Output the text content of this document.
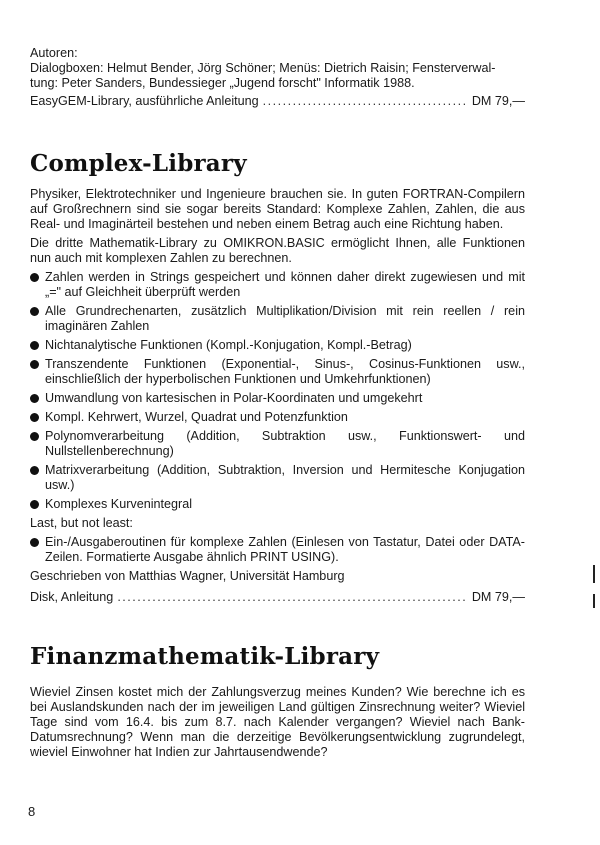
Autoren:

Dialogboxen: Helmut Bender, Jörg Schöner; Menüs: Dietrich Raisin; Fensterverwal-

tung: Peter Sanders, Bundessieger „Jugend forscht" Informatik 1988.

EasyGEM-Library, ausführliche Anleitung .....	DM 79,—
Complex-Library

Physiker, Elektrotechniker und Ingenieure brauchen sie. In guten FORTRAN-Compilern auf Großrechnern sind sie sogar bereits Standard: Komplexe Zahlen, Zahlen, die aus Real- und Imaginärteil bestehen und neben einem Betrag auch eine Richtung haben.

Die dritte Mathematik-Library zu OMIKRON.BASIC ermöglicht Ihnen, alle Funktionen nun auch mit komplexen Zahlen zu berechnen.

Zahlen werden in Strings gespeichert und können daher direkt zugewiesen und mit „=" auf Gleichheit überprüft werden
Alle Grundrechenarten, zusätzlich Multiplikation/Division mit rein reellen / rein imaginären Zahlen
Nichtanalytische Funktionen (Kompl.-Konjugation, Kompl.-Betrag)
Transzendente Funktionen (Exponential-, Sinus-, Cosinus-Funktionen usw., einschließlich der hyperbolischen Funktionen und Umkehrfunktionen)
Umwandlung von kartesischen in Polar-Koordinaten und umgekehrt
Kompl. Kehrwert, Wurzel, Quadrat und Potenzfunktion
Polynomverarbeitung (Addition, Subtraktion usw., Funktionswert- und Nullstellenberechnung)
Matrixverarbeitung (Addition, Subtraktion, Inversion und Hermitesche Konjugation usw.)
Komplexes Kurvenintegral

Last, but not least:

Ein-/Ausgaberoutinen für komplexe Zahlen (Einlesen von Tastatur, Datei oder DATA-Zeilen. Formatierte Ausgabe ähnlich PRINT USING).

Geschrieben von Matthias Wagner, Universität Hamburg

Disk, Anleitung .....	DM 79,—
Finanzmathematik-Library

Wieviel Zinsen kostet mich der Zahlungsverzug meines Kunden? Wie berechne ich es bei Auslandskunden nach der im jeweiligen Land gültigen Zinsrechnung weiter? Wieviel Tage sind vom 16.4. bis zum 8.7. nach Kalender vergangen? Wieviel nach Bank-Datumsrechnung? Wenn man die derzeitige Bevölkerungsentwicklung zugrundelegt, wieviel Einwohner hat Indien zur Jahrtausendwende?

8
